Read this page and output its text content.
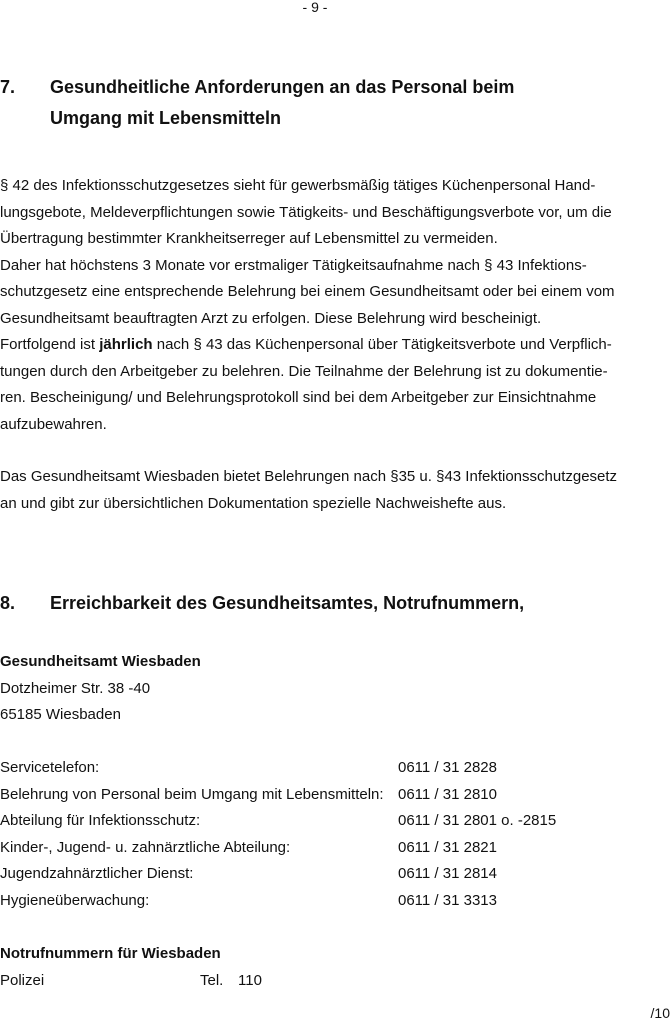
- 9 -
7. Gesundheitliche Anforderungen an das Personal beim
Umgang mit Lebensmitteln
§ 42 des Infektionsschutzgesetzes sieht für gewerbsmäßig tätiges Küchenpersonal Hand-
lungsgebote, Meldeverpflichtungen sowie Tätigkeits- und Beschäftigungsverbote vor, um die
Übertragung bestimmter Krankheitserreger auf Lebensmittel zu vermeiden.
Daher hat höchstens 3 Monate vor erstmaliger Tätigkeitsaufnahme nach § 43 Infektions-
schutzgesetz eine entsprechende Belehrung bei einem Gesundheitsamt oder bei einem vom
Gesundheitsamt beauftragten Arzt zu erfolgen. Diese Belehrung wird bescheinigt.
Fortfolgend ist jährlich nach § 43 das Küchenpersonal über Tätigkeitsverbote und Verpflich-
tungen durch den Arbeitgeber zu belehren. Die Teilnahme der Belehrung ist zu dokumentie-
ren. Bescheinigung/ und Belehrungsprotokoll sind bei dem Arbeitgeber zur Einsichtnahme
aufzubewahren.
Das Gesundheitsamt Wiesbaden bietet Belehrungen nach §35 u. §43 Infektionsschutzgesetz
an und gibt zur übersichtlichen Dokumentation spezielle Nachweishefte aus.
8. Erreichbarkeit des Gesundheitsamtes, Notrufnummern,
Gesundheitsamt Wiesbaden
Dotzheimer Str. 38 -40
65185 Wiesbaden
Servicetelefon:	0611 / 31 2828
Belehrung von Personal beim Umgang mit Lebensmitteln: 0611 / 31 2810
Abteilung für Infektionsschutz:	0611 / 31 2801 o. -2815
Kinder-, Jugend- u. zahnärztliche Abteilung:	0611 / 31 2821
Jugendzahnärztlicher Dienst:	0611 / 31 2814
Hygieneüberwachung:	0611 / 31 3313
Notrufnummern für Wiesbaden
Polizei	Tel. 110
/10
